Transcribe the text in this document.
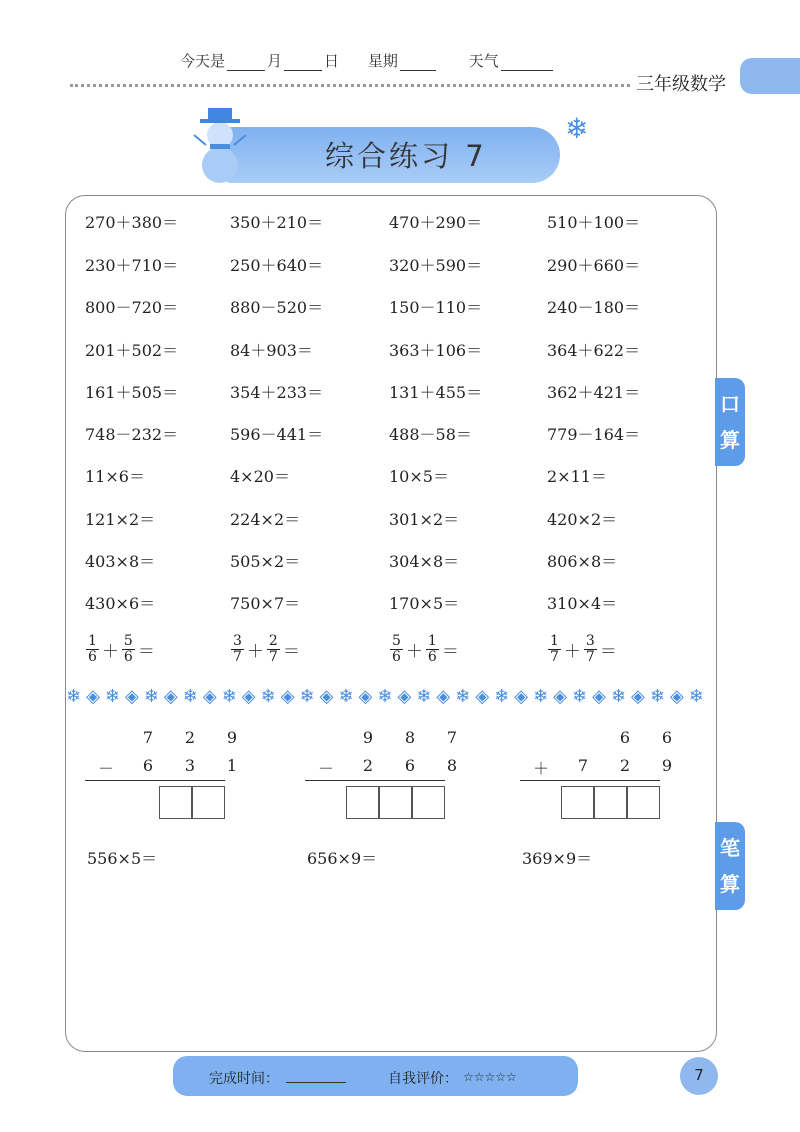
今天是	月	日 星期	天气
三年级数学
综合练习 7
❄
270＋380＝	350＋210＝	470＋290＝	510＋100＝
230＋710＝	250＋640＝	320＋590＝	290＋660＝
800－720＝	880－520＝	150－110＝	240－180＝
201＋502＝	84＋903＝	363＋106＝	364＋622＝
161＋505＝	354＋233＝	131＋455＝	362＋421＝
748－232＝	596－441＝	488－58＝	779－164＝
11×6＝	4×20＝	10×5＝	2×11＝
121×2＝	224×2＝	301×2＝	420×2＝
403×8＝	505×2＝	304×8＝	806×8＝
430×6＝	750×7＝	170×5＝	310×4＝
$\frac{1}{6} + \frac{5}{6}$ ＝	$\frac{3}{7} + \frac{2}{7}$ ＝	$\frac{5}{6} + \frac{1}{6}$ ＝	$\frac{1}{7} + \frac{3}{7}$ ＝
❄◈❄◈❄◈❄◈❄◈❄◈❄◈❄◈❄◈❄◈❄◈❄◈❄◈❄◈❄◈❄◈❄
7	2	9
－	6	3	1
9	8	7
－	2	6	8
6	6
＋	7	2	9
556×5＝	656×9＝	369×9＝
口算
笔算
完成时间：	自我评价： ☆☆☆☆☆	7
